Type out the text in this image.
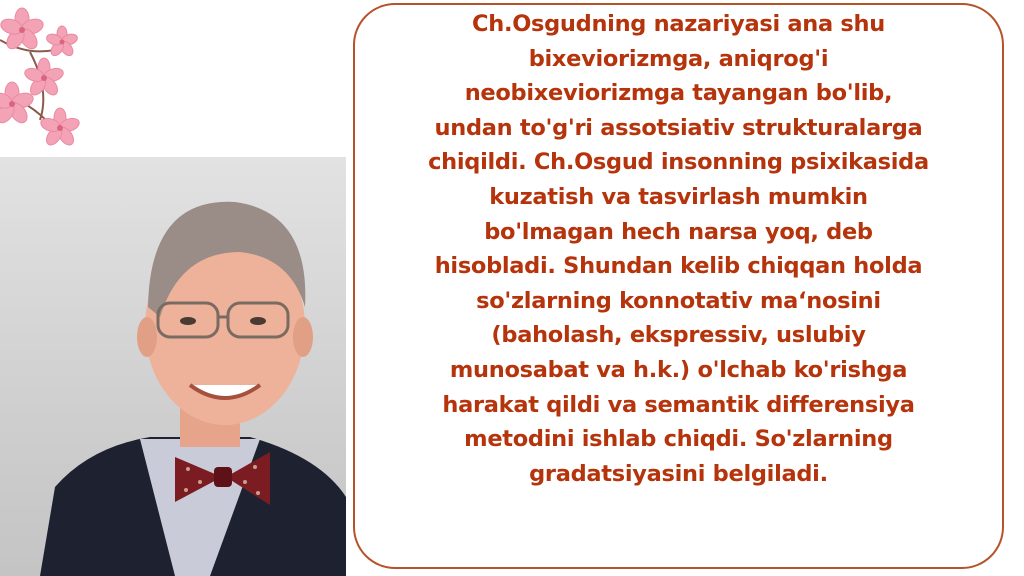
Ch.Osgudning nazariyasi ana shu
bixeviorizmga, aniqrog'i
neobixeviorizmga tayangan bo'lib,
undan to'g'ri assotsiativ strukturalarga
chiqildi. Ch.Osgud insonning psixikasida
kuzatish va tasvirlash mumkin
bo'lmagan hech narsa yoq, deb
hisobladi. Shundan kelib chiqqan holda
so'zlarning konnotativ ma‘nosini
(baholash, ekspressiv, uslubiy
munosabat va h.k.) o'lchab ko'rishga
harakat qildi va semantik differensiya
metodini ishlab chiqdi. So'zlarning
gradatsiyasini belgiladi.
